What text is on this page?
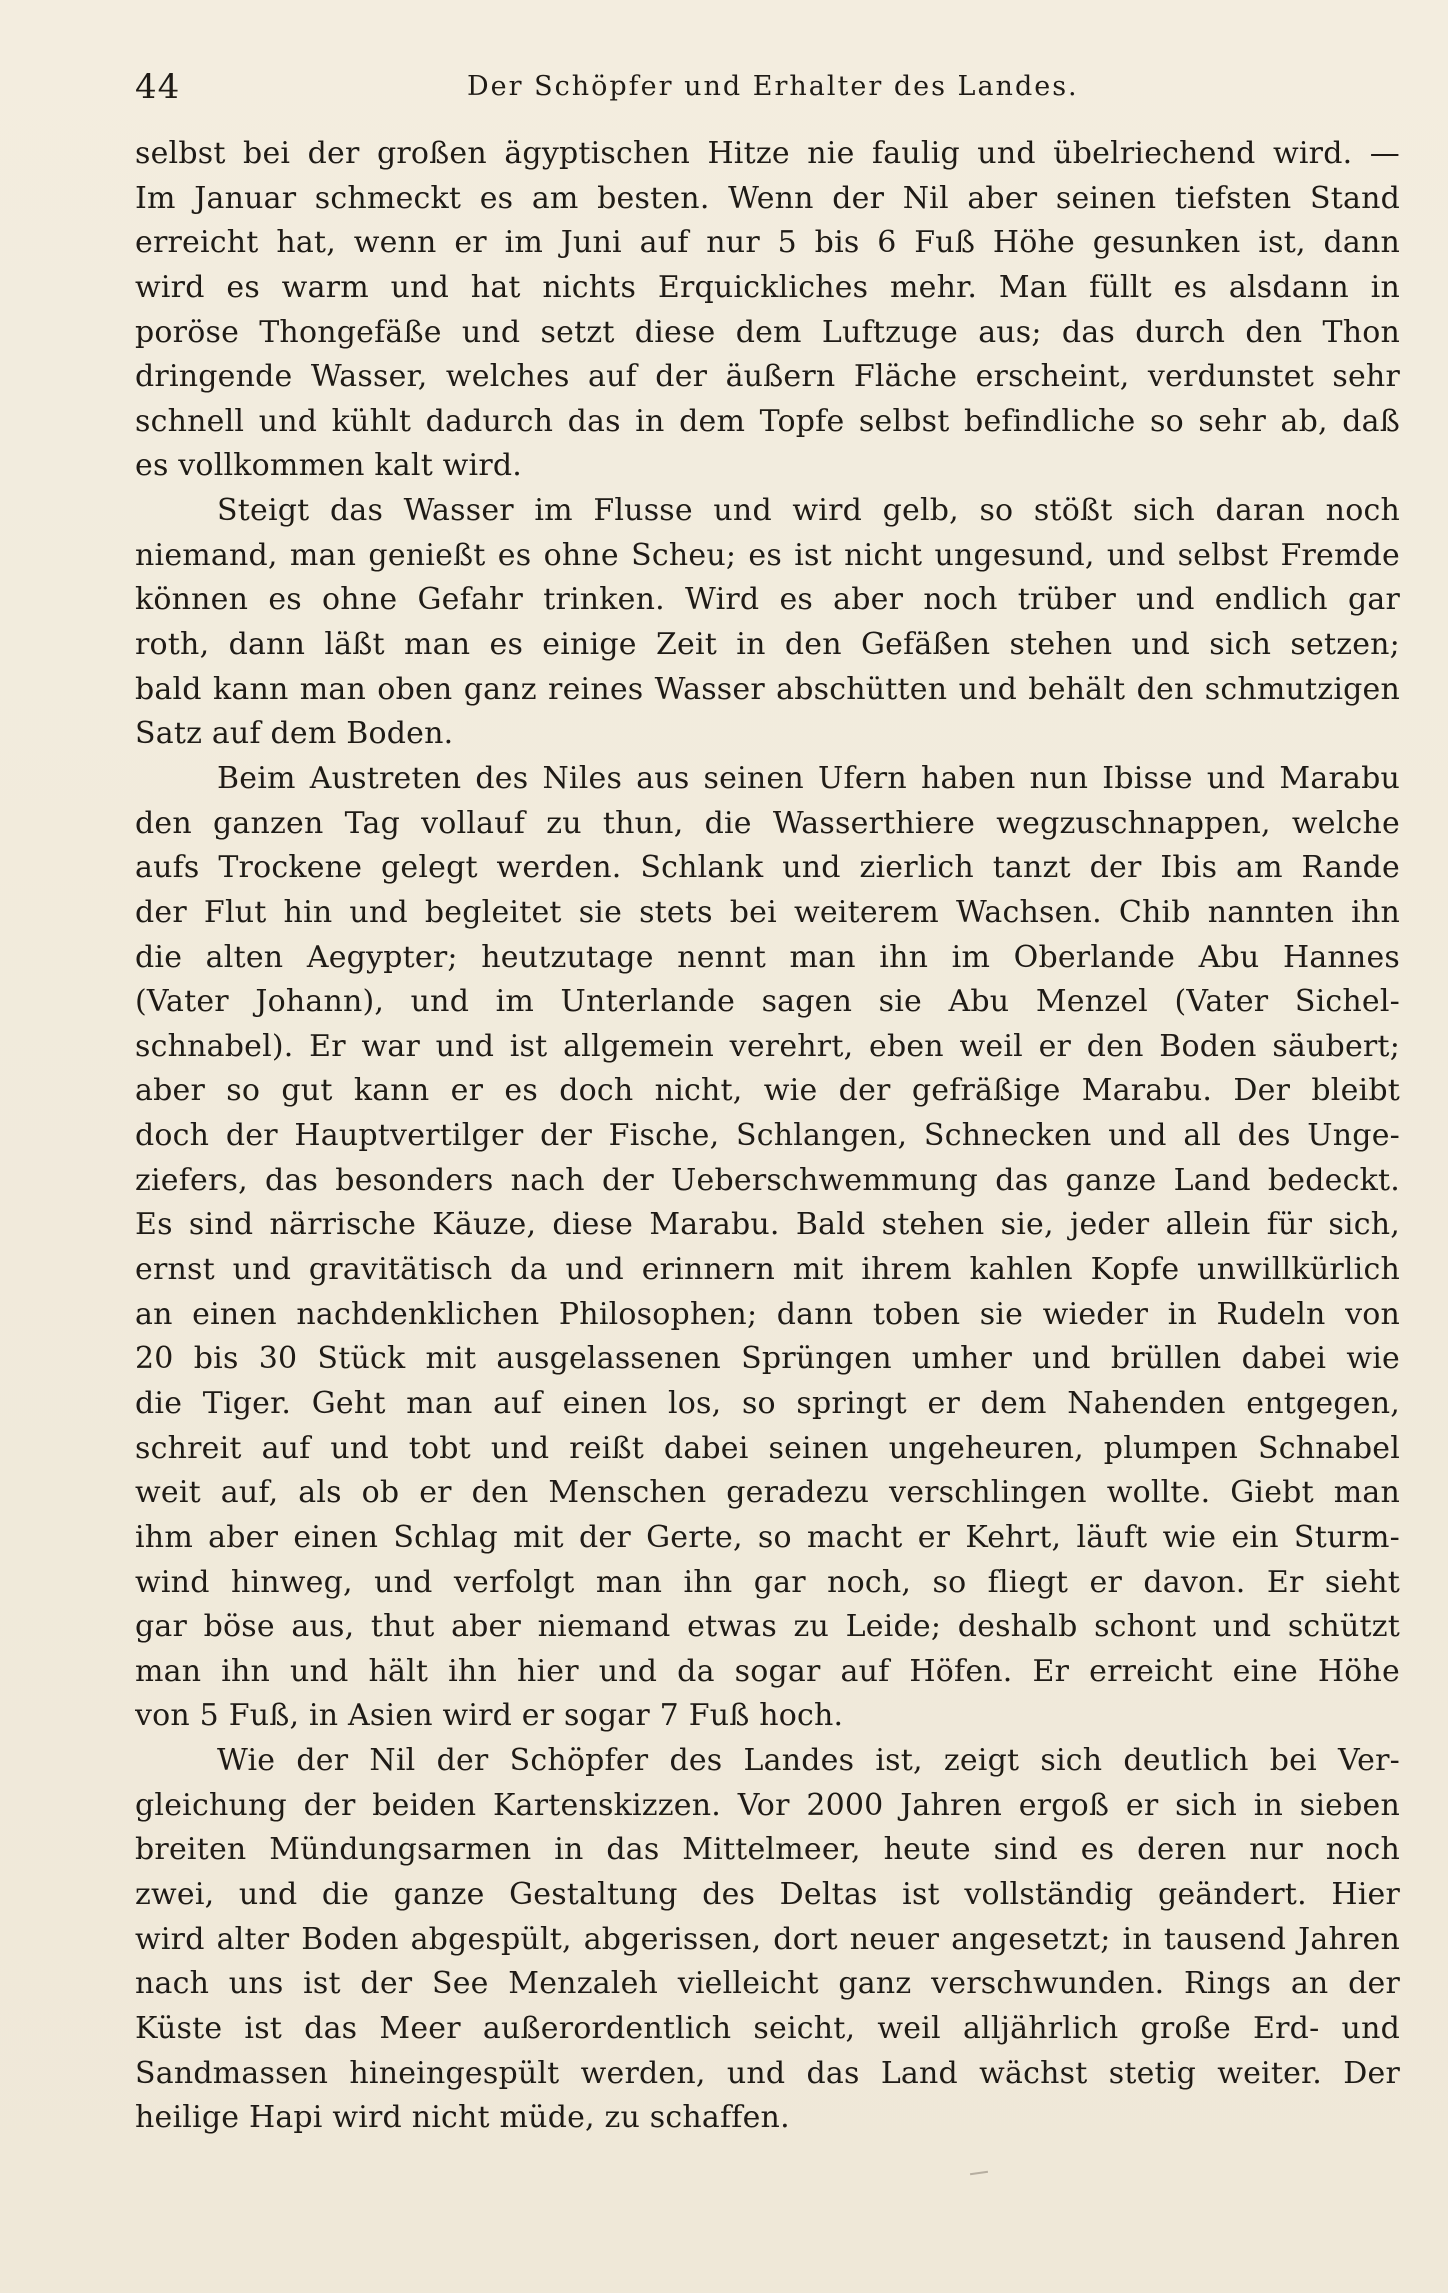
44	Der Schöpfer und Erhalter des Landes.
selbst bei der großen ägyptischen Hitze nie faulig und übelriechend wird. —
Im Januar schmeckt es am besten. Wenn der Nil aber seinen tiefsten Stand
erreicht hat, wenn er im Juni auf nur 5 bis 6 Fuß Höhe gesunken ist, dann
wird es warm und hat nichts Erquickliches mehr. Man füllt es alsdann in
poröse Thongefäße und setzt diese dem Luftzuge aus; das durch den Thon
dringende Wasser, welches auf der äußern Fläche erscheint, verdunstet sehr
schnell und kühlt dadurch das in dem Topfe selbst befindliche so sehr ab, daß
es vollkommen kalt wird.
Steigt das Wasser im Flusse und wird gelb, so stößt sich daran noch
niemand, man genießt es ohne Scheu; es ist nicht ungesund, und selbst Fremde
können es ohne Gefahr trinken. Wird es aber noch trüber und endlich gar
roth, dann läßt man es einige Zeit in den Gefäßen stehen und sich setzen;
bald kann man oben ganz reines Wasser abschütten und behält den schmutzigen
Satz auf dem Boden.
Beim Austreten des Niles aus seinen Ufern haben nun Ibisse und Marabu
den ganzen Tag vollauf zu thun, die Wasserthiere wegzuschnappen, welche
aufs Trockene gelegt werden. Schlank und zierlich tanzt der Ibis am Rande
der Flut hin und begleitet sie stets bei weiterem Wachsen. Chib nannten ihn
die alten Aegypter; heutzutage nennt man ihn im Oberlande Abu Hannes
(Vater Johann), und im Unterlande sagen sie Abu Menzel (Vater Sichel-
schnabel). Er war und ist allgemein verehrt, eben weil er den Boden säubert;
aber so gut kann er es doch nicht, wie der gefräßige Marabu. Der bleibt
doch der Hauptvertilger der Fische, Schlangen, Schnecken und all des Unge-
ziefers, das besonders nach der Ueberschwemmung das ganze Land bedeckt.
Es sind närrische Käuze, diese Marabu. Bald stehen sie, jeder allein für sich,
ernst und gravitätisch da und erinnern mit ihrem kahlen Kopfe unwillkürlich
an einen nachdenklichen Philosophen; dann toben sie wieder in Rudeln von
20 bis 30 Stück mit ausgelassenen Sprüngen umher und brüllen dabei wie
die Tiger. Geht man auf einen los, so springt er dem Nahenden entgegen,
schreit auf und tobt und reißt dabei seinen ungeheuren, plumpen Schnabel
weit auf, als ob er den Menschen geradezu verschlingen wollte. Giebt man
ihm aber einen Schlag mit der Gerte, so macht er Kehrt, läuft wie ein Sturm-
wind hinweg, und verfolgt man ihn gar noch, so fliegt er davon. Er sieht
gar böse aus, thut aber niemand etwas zu Leide; deshalb schont und schützt
man ihn und hält ihn hier und da sogar auf Höfen. Er erreicht eine Höhe
von 5 Fuß, in Asien wird er sogar 7 Fuß hoch.
Wie der Nil der Schöpfer des Landes ist, zeigt sich deutlich bei Ver-
gleichung der beiden Kartenskizzen. Vor 2000 Jahren ergoß er sich in sieben
breiten Mündungsarmen in das Mittelmeer, heute sind es deren nur noch
zwei, und die ganze Gestaltung des Deltas ist vollständig geändert. Hier
wird alter Boden abgespült, abgerissen, dort neuer angesetzt; in tausend Jahren
nach uns ist der See Menzaleh vielleicht ganz verschwunden. Rings an der
Küste ist das Meer außerordentlich seicht, weil alljährlich große Erd- und
Sandmassen hineingespült werden, und das Land wächst stetig weiter. Der
heilige Hapi wird nicht müde, zu schaffen.
